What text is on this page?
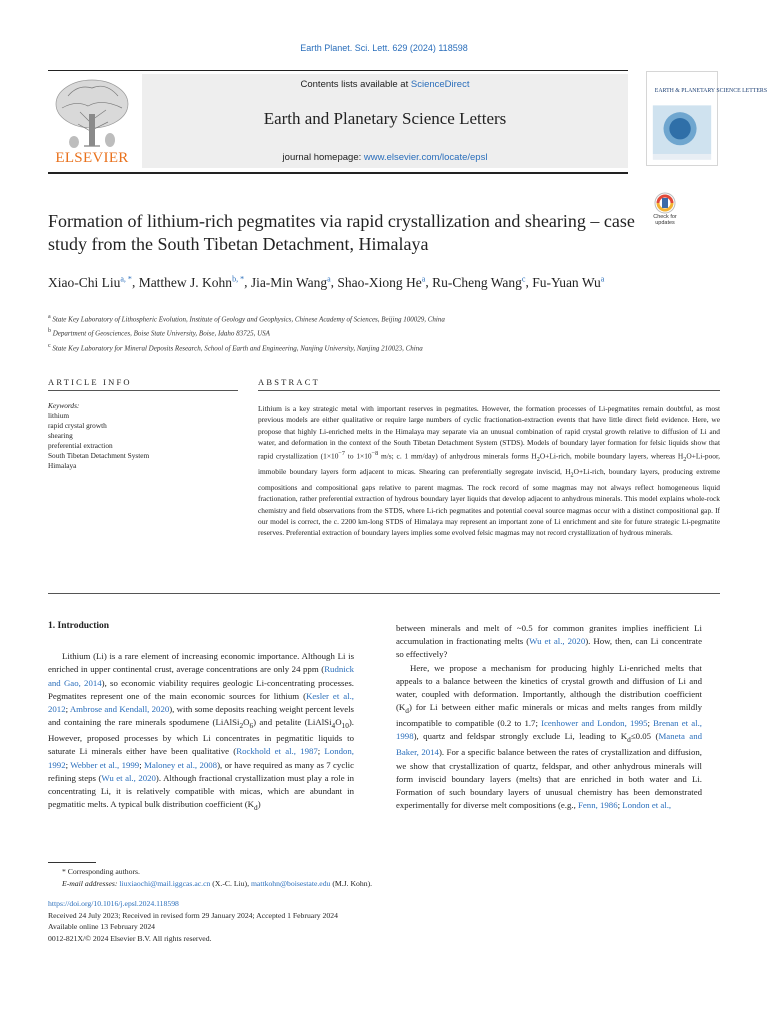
Earth Planet. Sci. Lett. 629 (2024) 118598
ELSEVIER
Contents lists available at ScienceDirect
Earth and Planetary Science Letters
journal homepage: www.elsevier.com/locate/epsl
EARTH & PLANETARY SCIENCE LETTERS
Formation of lithium-rich pegmatites via rapid crystallization and shearing – case study from the South Tibetan Detachment, Himalaya
Check for updates
Xiao-Chi Liu$^{a, *}$, Matthew J. Kohn$^{b, *}$, Jia-Min Wang$^a$, Shao-Xiong He$^a$, Ru-Cheng Wang$^c$, Fu-Yuan Wu$^a$
$^a$ State Key Laboratory of Lithospheric Evolution, Institute of Geology and Geophysics, Chinese Academy of Sciences, Beijing 100029, China
$^b$ Department of Geosciences, Boise State University, Boise, Idaho 83725, USA
$^c$ State Key Laboratory for Mineral Deposits Research, School of Earth and Engineering, Nanjing University, Nanjing 210023, China
ARTICLE INFO	ABSTRACT
Keywords:
lithium
rapid crystal growth
shearing
preferential extraction
South Tibetan Detachment System
Himalaya
Lithium is a key strategic metal with important reserves in pegmatites. However, the formation processes of Li-pegmatites remain doubtful, as most previous models are either qualitative or require large numbers of cyclic fractionation-extraction events that have little direct field evidence. Here, we propose that highly Li-enriched melts in the Himalaya may separate via an unusual combination of rapid crystal growth relative to diffusion of Li and water, and deformation in the context of the South Tibetan Detachment System (STDS). Models of boundary layer formation for felsic liquids show that rapid crystallization ($1\times 10^{-7}$ to $1\times 10^{-8}$ m/s; c. 1 mm/day) of anhydrous minerals forms $H_2O+Li$-rich, mobile boundary layers, whereas $H_2O+Li$-poor, immobile boundary layers form adjacent to micas. Shearing can preferentially segregate inviscid, $H_2O+Li$-rich, boundary layers, producing extreme compositions and compositional gaps relative to parent magmas. The rock record of some magmas may not always reflect homogeneous liquid fractionation, rather preferential extraction of hydrous boundary layer liquids that develop adjacent to anhydrous minerals. This model explains whole-rock chemistry and field observations from the STDS, where Li-rich pegmatites and potential coeval source magmas occur with a distinct compositional gap. If our model is correct, the c. 2200 km-long STDS of Himalaya may represent an important zone of Li enrichment and site for future strategic Li-pegmatite reserves. Preferential extraction of boundary layers implies some evolved felsic magmas may not record crystallization of hydrous minerals.
1. Introduction

Lithium (Li) is a rare element of increasing economic importance. Although Li is enriched in upper continental crust, average concentrations are only 24 ppm (Rudnick and Gao, 2014), so economic viability requires geologic Li-concentrating processes. Pegmatites represent one of the main economic sources for lithium (Kesler et al., 2012; Ambrose and Kendall, 2020), with some deposits reaching weight percent levels and containing the rare minerals spodumene $(LiAlSi_2O_6)$ and petalite $(LiAlSi_4O_{10})$. However, proposed processes by which Li concentrates in pegmatitic liquids to saturate Li minerals either have been qualitative (Rockhold et al., 1987; London, 1992; Webber et al., 1999; Maloney et al., 2008), or have required as many as 7 cyclic refining steps (Wu et al., 2020). Although fractional crystallization must play a role in concentrating Li, it is relatively compatible with micas, which are abundant in pegmatitic melts. A typical bulk distribution coefficient $(K_d)$

between minerals and melt of ~0.5 for common granites implies inefficient Li accumulation in fractionating melts (Wu et al., 2020). How, then, can Li concentrate so effectively?

Here, we propose a mechanism for producing highly Li-enriched melts that appeals to a balance between the kinetics of crystal growth and diffusion of Li and water, coupled with deformation. Importantly, although the distribution coefficient $(K_d)$ for Li between either mafic minerals or micas and melts ranges from mildly incompatible to compatible (0.2 to 1.7; Icenhower and London, 1995; Brenan et al., 1998), quartz and feldspar strongly exclude Li, leading to $K_d\le 0.05$ (Maneta and Baker, 2014). For a specific balance between the rates of crystallization and diffusion, we show that crystallization of quartz, feldspar, and other anhydrous minerals will form inviscid boundary layers (melts) that are enriched in both water and Li. Formation of such boundary layers of unusual chemistry has been demonstrated experimentally for diverse melt compositions (e.g., Fenn, 1986; London et al.,

* Corresponding authors.
E-mail addresses: liuxiaochi@mail.iggcas.ac.cn (X.-C. Liu), mattkohn@boisestate.edu (M.J. Kohn).
https://doi.org/10.1016/j.epsl.2024.118598
Received 24 July 2023; Received in revised form 29 January 2024; Accepted 1 February 2024
Available online 13 February 2024
0012-821X/© 2024 Elsevier B.V. All rights reserved.
